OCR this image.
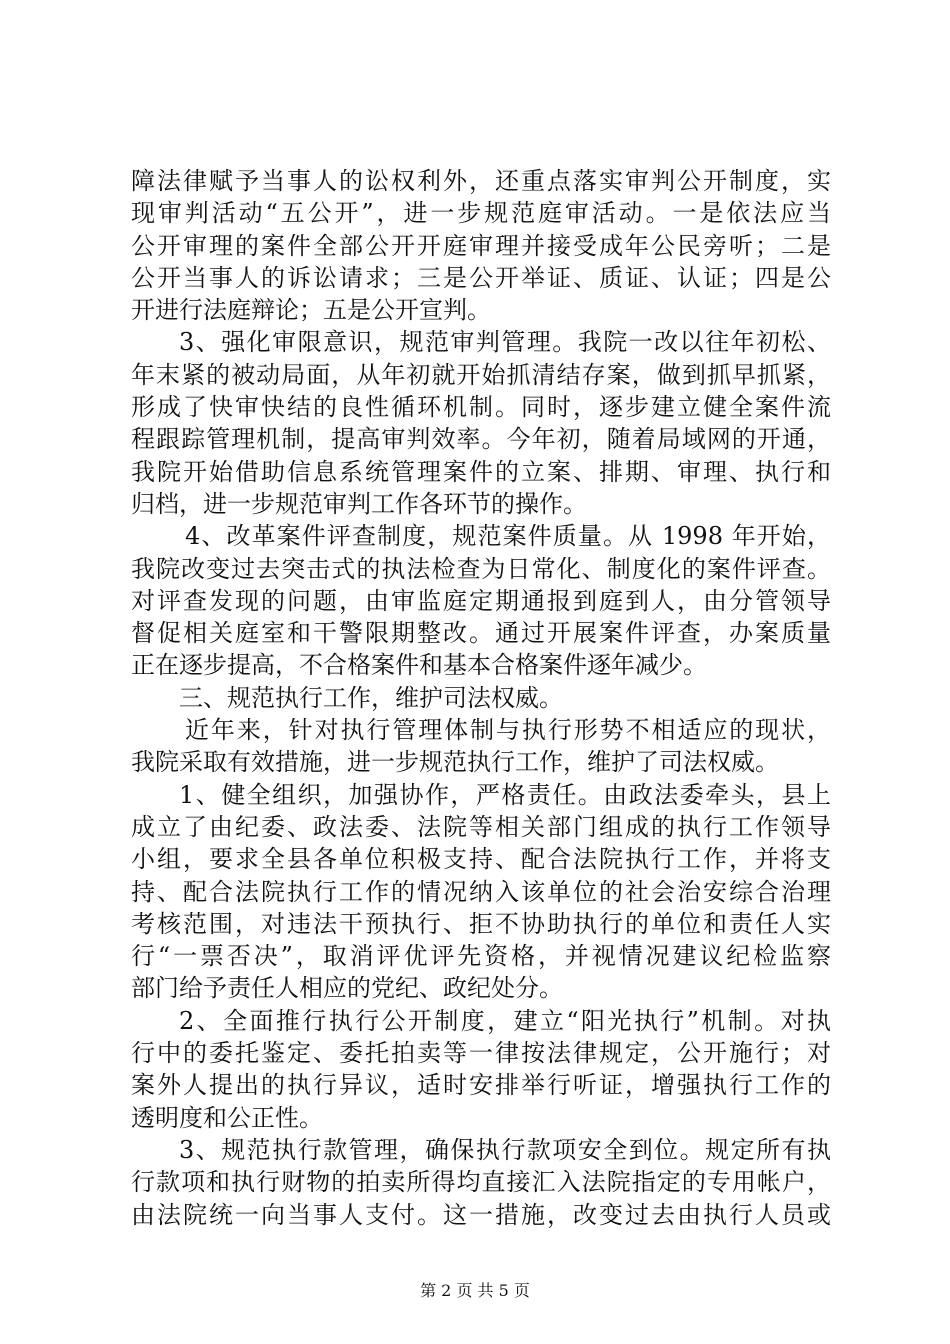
障法律赋予当事人的讼权利外，还重点落实审判公开制度，实
现审判活动“五公开”，进一步规范庭审活动。一是依法应当
公开审理的案件全部公开开庭审理并接受成年公民旁听；二是
公开当事人的诉讼请求；三是公开举证、质证、认证；四是公
开进行法庭辩论；五是公开宣判。
3、强化审限意识，规范审判管理。我院一改以往年初松、
年末紧的被动局面，从年初就开始抓清结存案，做到抓早抓紧，
形成了快审快结的良性循环机制。同时，逐步建立健全案件流
程跟踪管理机制，提高审判效率。今年初，随着局域网的开通，
我院开始借助信息系统管理案件的立案、排期、审理、执行和
归档，进一步规范审判工作各环节的操作。
4、改革案件评查制度，规范案件质量。从 1998 年开始，
我院改变过去突击式的执法检查为日常化、制度化的案件评查。
对评查发现的问题，由审监庭定期通报到庭到人，由分管领导
督促相关庭室和干警限期整改。通过开展案件评查，办案质量
正在逐步提高，不合格案件和基本合格案件逐年减少。
三、规范执行工作，维护司法权威。
近年来，针对执行管理体制与执行形势不相适应的现状，
我院采取有效措施，进一步规范执行工作，维护了司法权威。
1、健全组织，加强协作，严格责任。由政法委牵头，县上
成立了由纪委、政法委、法院等相关部门组成的执行工作领导
小组，要求全县各单位积极支持、配合法院执行工作，并将支
持、配合法院执行工作的情况纳入该单位的社会治安综合治理
考核范围，对违法干预执行、拒不协助执行的单位和责任人实
行“一票否决”，取消评优评先资格，并视情况建议纪检监察
部门给予责任人相应的党纪、政纪处分。
2、全面推行执行公开制度，建立“阳光执行”机制。对执
行中的委托鉴定、委托拍卖等一律按法律规定，公开施行；对
案外人提出的执行异议，适时安排举行听证，增强执行工作的
透明度和公正性。
3、规范执行款管理，确保执行款项安全到位。规定所有执
行款项和执行财物的拍卖所得均直接汇入法院指定的专用帐户，
由法院统一向当事人支付。这一措施，改变过去由执行人员或
第 2 页 共 5 页
